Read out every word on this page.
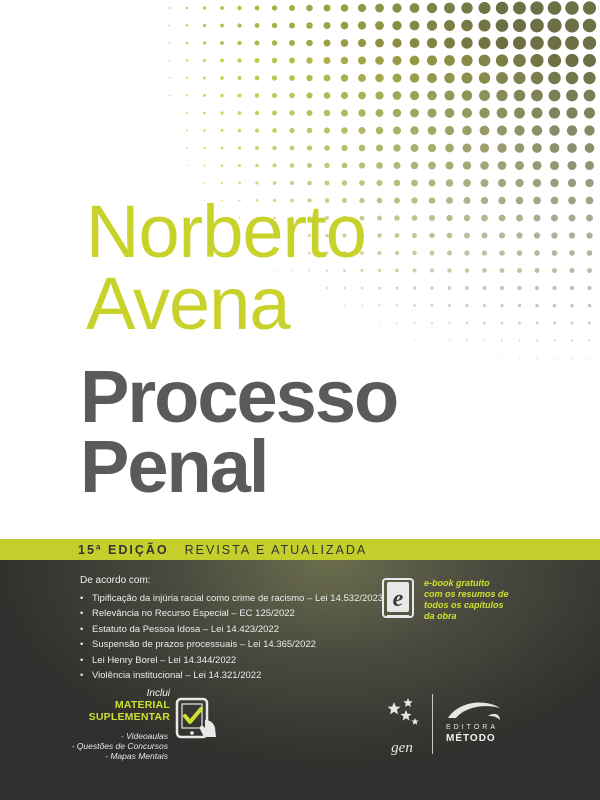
Norberto
Avena
Processo
Penal
15ª EDIÇÃO REVISTA E ATUALIZADA
De acordo com:
• Tipificação da injúria racial como crime de racismo – Lei 14.532/2023
• Relevância no Recurso Especial – EC 125/2022
• Estatuto da Pessoa Idosa – Lei 14.423/2022
• Suspensão de prazos processuais – Lei 14.365/2022
• Lei Henry Borel – Lei 14.344/2022
• Violência institucional – Lei 14.321/2022
e
e-book gratuito
com os resumos de
todos os capítulos
da obra
Inclui
MATERIAL
SUPLEMENTAR
- Videoaulas
- Questões de Concursos
- Mapas Mentais	gen
EDITORA
MÉTODO
